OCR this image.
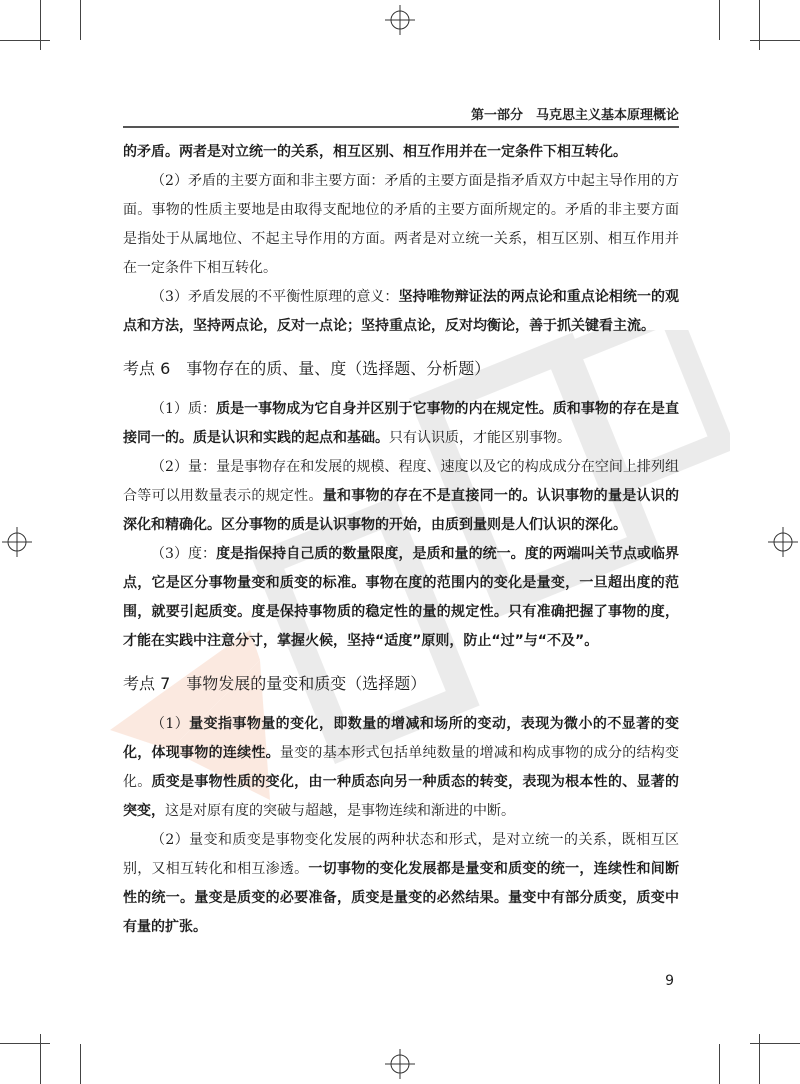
第一部分　马克思主义基本原理概论

的矛盾。两者是对立统一的关系，相互区别、相互作用并在一定条件下相互转化。

（2）矛盾的主要方面和非主要方面：矛盾的主要方面是指矛盾双方中起主导作用的方面。事物的性质主要地是由取得支配地位的矛盾的主要方面所规定的。矛盾的非主要方面是指处于从属地位、不起主导作用的方面。两者是对立统一关系，相互区别、相互作用并在一定条件下相互转化。

（3）矛盾发展的不平衡性原理的意义：坚持唯物辩证法的两点论和重点论相统一的观点和方法，坚持两点论，反对一点论；坚持重点论，反对均衡论，善于抓关键看主流。

考点 6　事物存在的质、量、度（选择题、分析题）

（1）质：质是一事物成为它自身并区别于它事物的内在规定性。质和事物的存在是直接同一的。质是认识和实践的起点和基础。只有认识质，才能区别事物。

（2）量：量是事物存在和发展的规模、程度、速度以及它的构成成分在空间上排列组合等可以用数量表示的规定性。量和事物的存在不是直接同一的。认识事物的量是认识的深化和精确化。区分事物的质是认识事物的开始，由质到量则是人们认识的深化。

（3）度：度是指保持自己质的数量限度，是质和量的统一。度的两端叫关节点或临界点，它是区分事物量变和质变的标准。事物在度的范围内的变化是量变，一旦超出度的范围，就要引起质变。度是保持事物质的稳定性的量的规定性。只有准确把握了事物的度，才能在实践中注意分寸，掌握火候，坚持“适度”原则，防止“过”与“不及”。

考点 7　事物发展的量变和质变（选择题）

（1）量变指事物量的变化，即数量的增减和场所的变动，表现为微小的不显著的变化，体现事物的连续性。量变的基本形式包括单纯数量的增减和构成事物的成分的结构变化。质变是事物性质的变化，由一种质态向另一种质态的转变，表现为根本性的、显著的突变，这是对原有度的突破与超越，是事物连续和渐进的中断。

（2）量变和质变是事物变化发展的两种状态和形式，是对立统一的关系，既相互区别，又相互转化和相互渗透。一切事物的变化发展都是量变和质变的统一，连续性和间断性的统一。量变是质变的必要准备，质变是量变的必然结果。量变中有部分质变，质变中有量的扩张。

9
